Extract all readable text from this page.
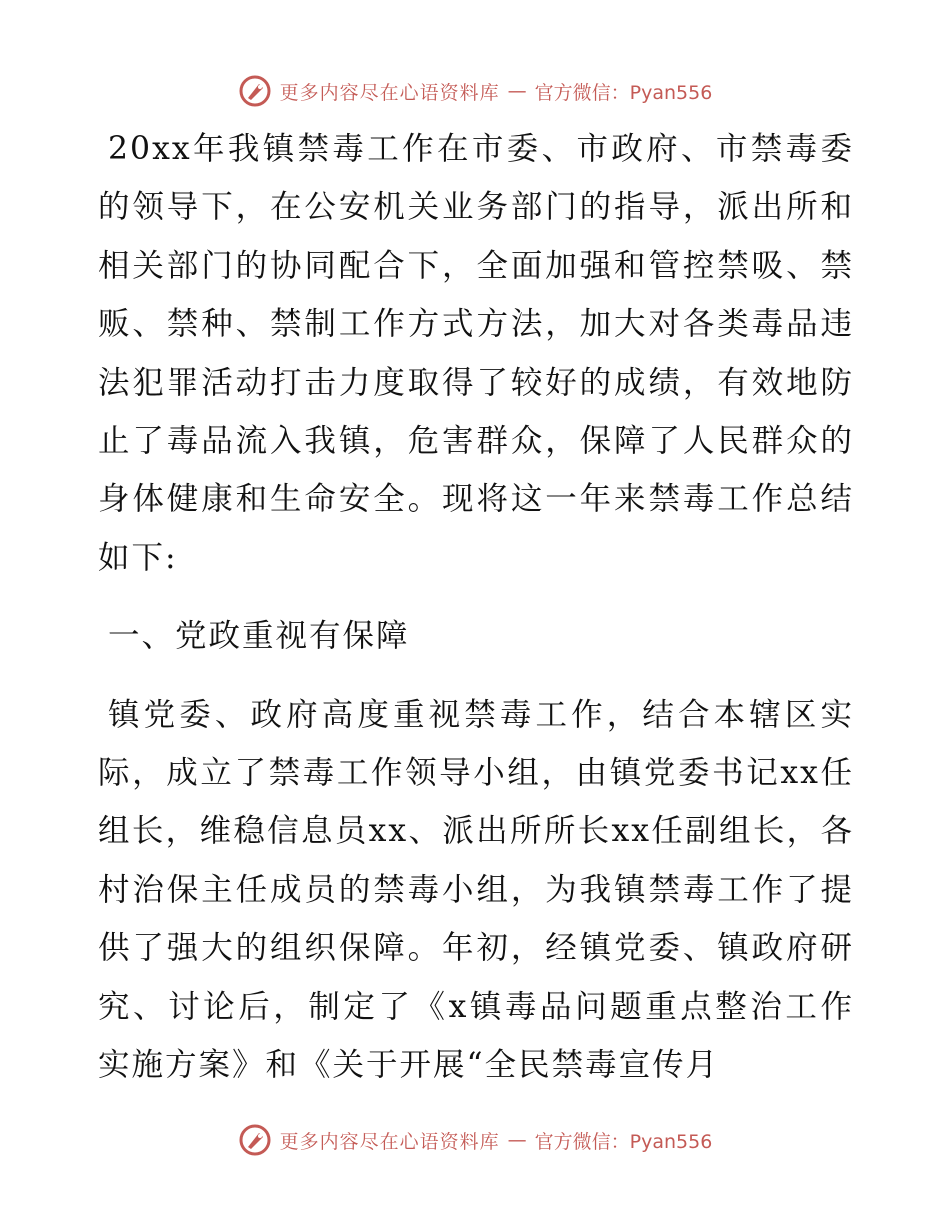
更多内容尽在心语资料库 — 官方微信：Pyan556

20xx年我镇禁毒工作在市委、市政府、市禁毒委的领导下，在公安机关业务部门的指导，派出所和相关部门的协同配合下，全面加强和管控禁吸、禁贩、禁种、禁制工作方式方法，加大对各类毒品违法犯罪活动打击力度取得了较好的成绩，有效地防止了毒品流入我镇，危害群众，保障了人民群众的身体健康和生命安全。现将这一年来禁毒工作总结如下:

一、党政重视有保障

镇党委、政府高度重视禁毒工作，结合本辖区实际，成立了禁毒工作领导小组，由镇党委书记xx任组长，维稳信息员xx、派出所所长xx任副组长，各村治保主任成员的禁毒小组，为我镇禁毒工作了提供了强大的组织保障。年初，经镇党委、镇政府研究、讨论后，制定了《x镇毒品问题重点整治工作实施方案》和《关于开展“全民禁毒宣传月

更多内容尽在心语资料库 — 官方微信：Pyan556
